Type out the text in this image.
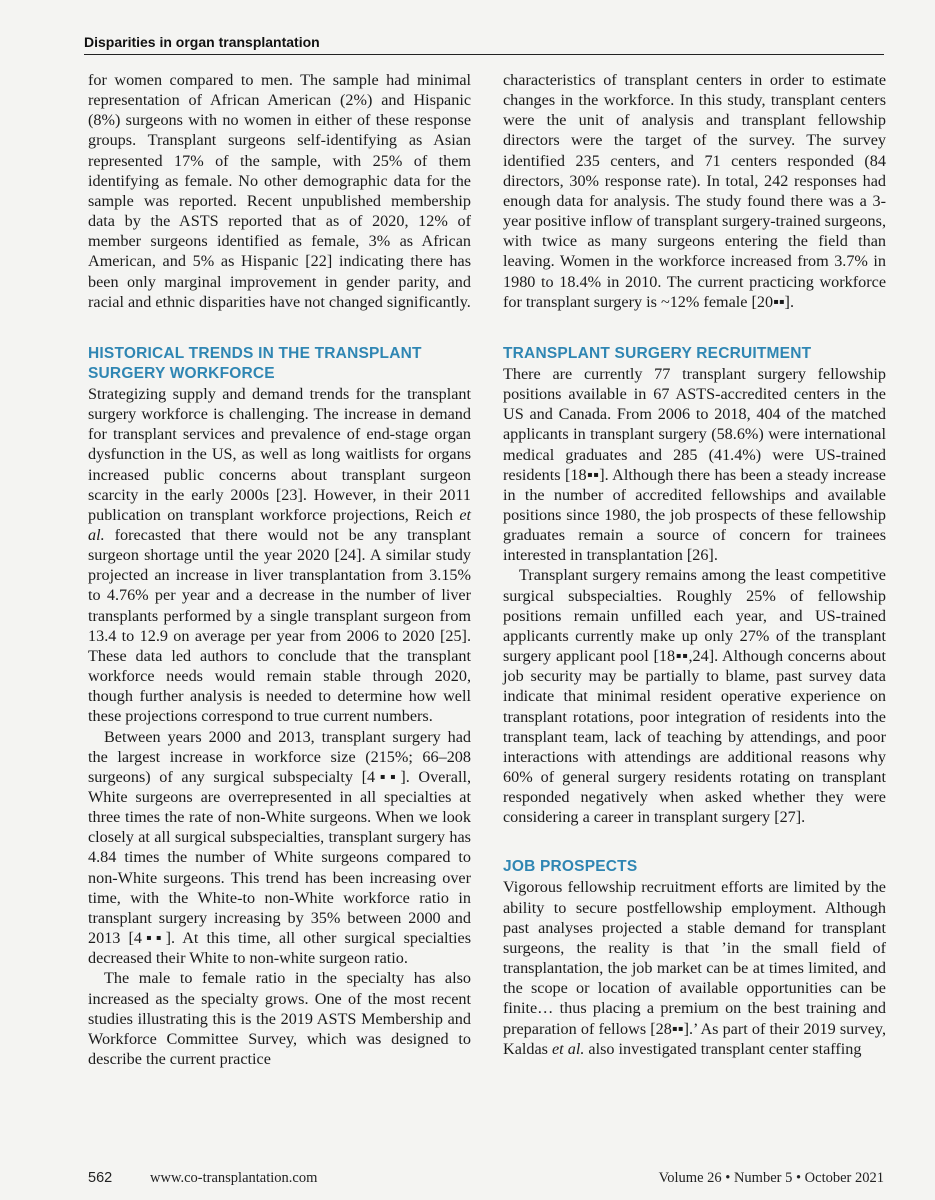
Disparities in organ transplantation

for women compared to men. The sample had minimal representation of African American (2%) and Hispanic (8%) surgeons with no women in either of these response groups. Transplant surgeons self-identifying as Asian represented 17% of the sample, with 25% of them identifying as female. No other demographic data for the sample was reported. Recent unpublished membership data by the ASTS reported that as of 2020, 12% of member surgeons identified as female, 3% as African American, and 5% as Hispanic [22] indicating there has been only marginal improvement in gender parity, and racial and ethnic disparities have not changed significantly.

HISTORICAL TRENDS IN THE TRANSPLANT SURGERY WORKFORCE

Strategizing supply and demand trends for the transplant surgery workforce is challenging. The increase in demand for transplant services and prevalence of end-stage organ dysfunction in the US, as well as long waitlists for organs increased public concerns about transplant surgeon scarcity in the early 2000s [23]. However, in their 2011 publication on transplant workforce projections, Reich et al. forecasted that there would not be any transplant surgeon shortage until the year 2020 [24]. A similar study projected an increase in liver transplantation from 3.15% to 4.76% per year and a decrease in the number of liver transplants performed by a single transplant surgeon from 13.4 to 12.9 on average per year from 2006 to 2020 [25]. These data led authors to conclude that the transplant workforce needs would remain stable through 2020, though further analysis is needed to determine how well these projections correspond to true current numbers.

Between years 2000 and 2013, transplant surgery had the largest increase in workforce size (215%; 66–208 surgeons) of any surgical subspecialty [4▪▪]. Overall, White surgeons are overrepresented in all specialties at three times the rate of non-White surgeons. When we look closely at all surgical subspecialties, transplant surgery has 4.84 times the number of White surgeons compared to non-White surgeons. This trend has been increasing over time, with the White-to non-White workforce ratio in transplant surgery increasing by 35% between 2000 and 2013 [4▪▪]. At this time, all other surgical specialties decreased their White to non-white surgeon ratio.

The male to female ratio in the specialty has also increased as the specialty grows. One of the most recent studies illustrating this is the 2019 ASTS Membership and Workforce Committee Survey, which was designed to describe the current practice

characteristics of transplant centers in order to estimate changes in the workforce. In this study, transplant centers were the unit of analysis and transplant fellowship directors were the target of the survey. The survey identified 235 centers, and 71 centers responded (84 directors, 30% response rate). In total, 242 responses had enough data for analysis. The study found there was a 3-year positive inflow of transplant surgery-trained surgeons, with twice as many surgeons entering the field than leaving. Women in the workforce increased from 3.7% in 1980 to 18.4% in 2010. The current practicing workforce for transplant surgery is ~12% female [20▪▪].

TRANSPLANT SURGERY RECRUITMENT

There are currently 77 transplant surgery fellowship positions available in 67 ASTS-accredited centers in the US and Canada. From 2006 to 2018, 404 of the matched applicants in transplant surgery (58.6%) were international medical graduates and 285 (41.4%) were US-trained residents [18▪▪]. Although there has been a steady increase in the number of accredited fellowships and available positions since 1980, the job prospects of these fellowship graduates remain a source of concern for trainees interested in transplantation [26].

Transplant surgery remains among the least competitive surgical subspecialties. Roughly 25% of fellowship positions remain unfilled each year, and US-trained applicants currently make up only 27% of the transplant surgery applicant pool [18▪▪,24]. Although concerns about job security may be partially to blame, past survey data indicate that minimal resident operative experience on transplant rotations, poor integration of residents into the transplant team, lack of teaching by attendings, and poor interactions with attendings are additional reasons why 60% of general surgery residents rotating on transplant responded negatively when asked whether they were considering a career in transplant surgery [27].

JOB PROSPECTS

Vigorous fellowship recruitment efforts are limited by the ability to secure postfellowship employment. Although past analyses projected a stable demand for transplant surgeons, the reality is that ’in the small field of transplantation, the job market can be at times limited, and the scope or location of available opportunities can be finite… thus placing a premium on the best training and preparation of fellows [28▪▪].’ As part of their 2019 survey, Kaldas et al. also investigated transplant center staffing

562	www.co-transplantation.com	Volume 26 • Number 5 • October 2021
